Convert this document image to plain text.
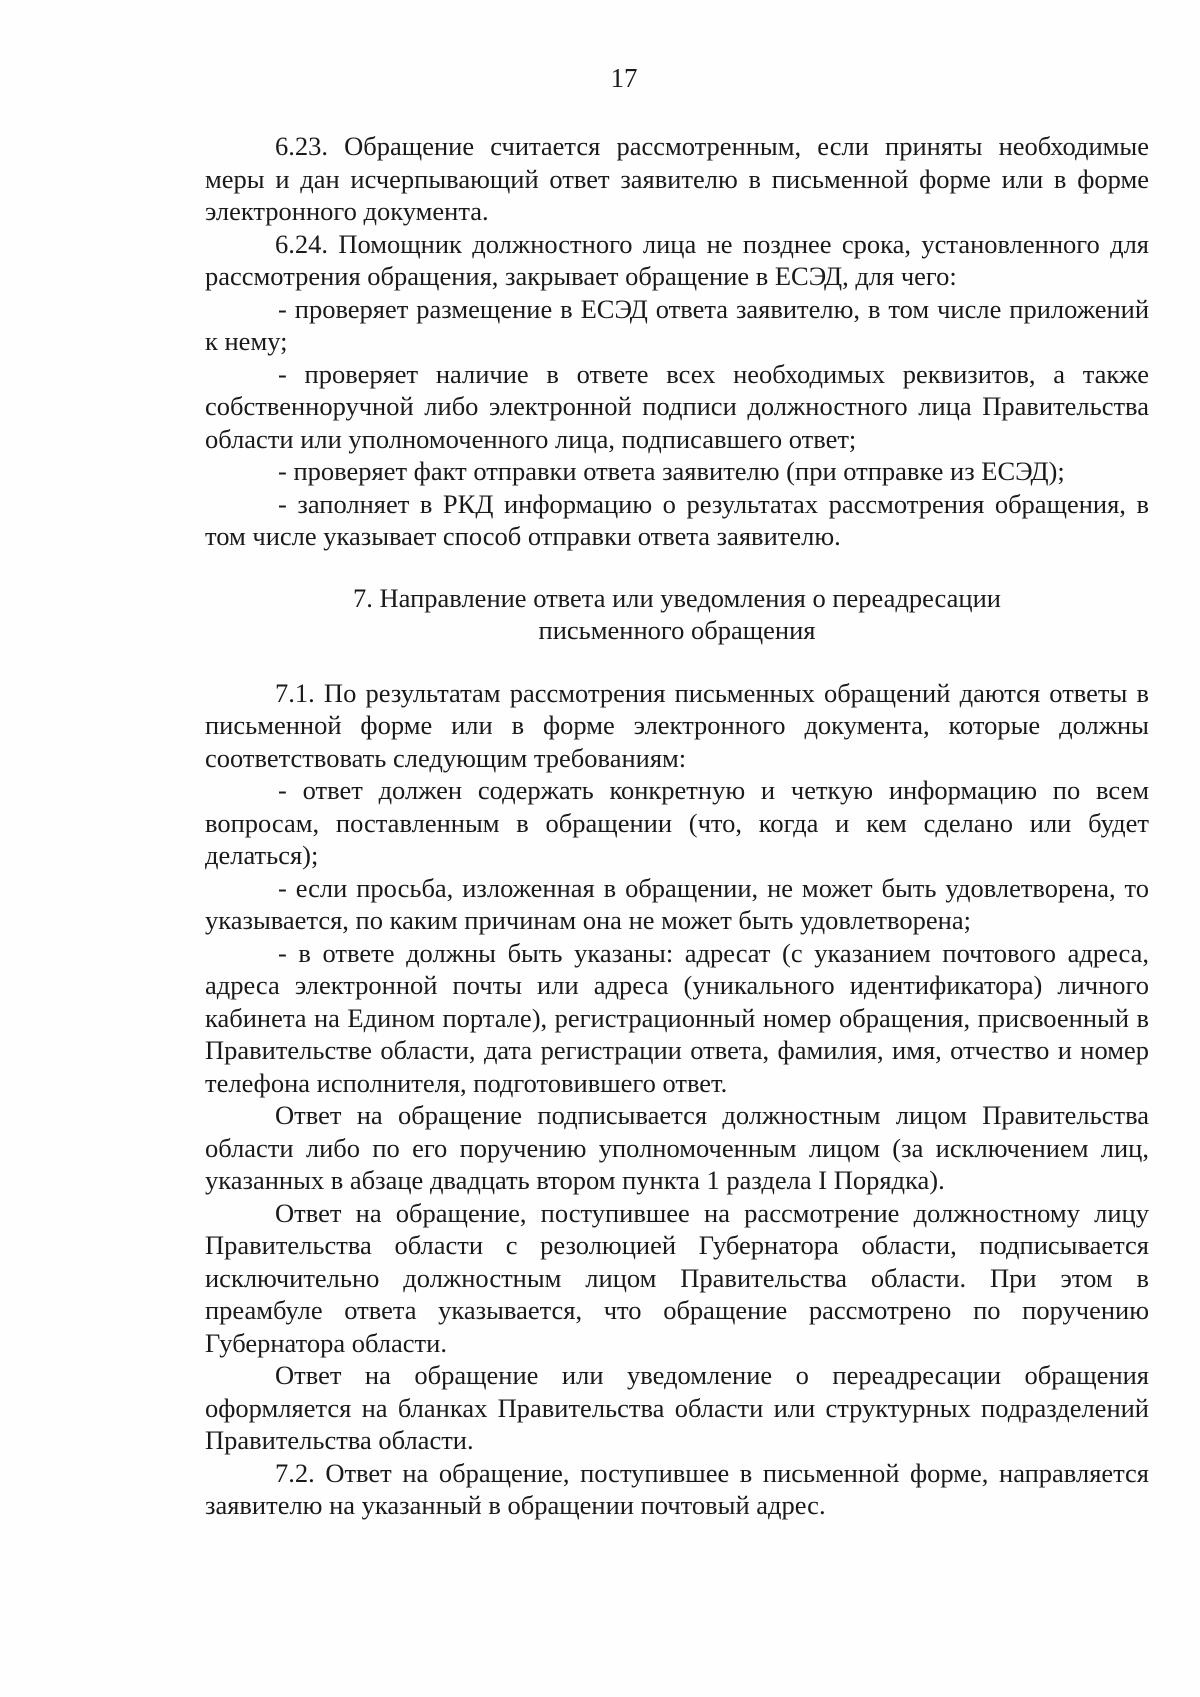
17

6.23. Обращение считается рассмотренным, если приняты необходимые меры и дан исчерпывающий ответ заявителю в письменной форме или в форме электронного документа.

6.24. Помощник должностного лица не позднее срока, установленного для рассмотрения обращения, закрывает обращение в ЕСЭД, для чего:

- проверяет размещение в ЕСЭД ответа заявителю, в том числе приложений к нему;

- проверяет наличие в ответе всех необходимых реквизитов, а также собственноручной либо электронной подписи должностного лица Правительства области или уполномоченного лица, подписавшего ответ;

- проверяет факт отправки ответа заявителю (при отправке из ЕСЭД);

- заполняет в РКД информацию о результатах рассмотрения обращения, в том числе указывает способ отправки ответа заявителю.

7. Направление ответа или уведомления о переадресации
письменного обращения

7.1. По результатам рассмотрения письменных обращений даются ответы в письменной форме или в форме электронного документа, которые должны соответствовать следующим требованиям:

- ответ должен содержать конкретную и четкую информацию по всем вопросам, поставленным в обращении (что, когда и кем сделано или будет делаться);

- если просьба, изложенная в обращении, не может быть удовлетворена, то указывается, по каким причинам она не может быть удовлетворена;

- в ответе должны быть указаны: адресат (с указанием почтового адреса, адреса электронной почты или адреса (уникального идентификатора) личного кабинета на Едином портале), регистрационный номер обращения, присвоенный в Правительстве области, дата регистрации ответа, фамилия, имя, отчество и номер телефона исполнителя, подготовившего ответ.

Ответ на обращение подписывается должностным лицом Правительства области либо по его поручению уполномоченным лицом (за исключением лиц, указанных в абзаце двадцать втором пункта 1 раздела I Порядка).

Ответ на обращение, поступившее на рассмотрение должностному лицу Правительства области с резолюцией Губернатора области, подписывается исключительно должностным лицом Правительства области. При этом в преамбуле ответа указывается, что обращение рассмотрено по поручению Губернатора области.

Ответ на обращение или уведомление о переадресации обращения оформляется на бланках Правительства области или структурных подразделений Правительства области.

7.2. Ответ на обращение, поступившее в письменной форме, направляется заявителю на указанный в обращении почтовый адрес.
